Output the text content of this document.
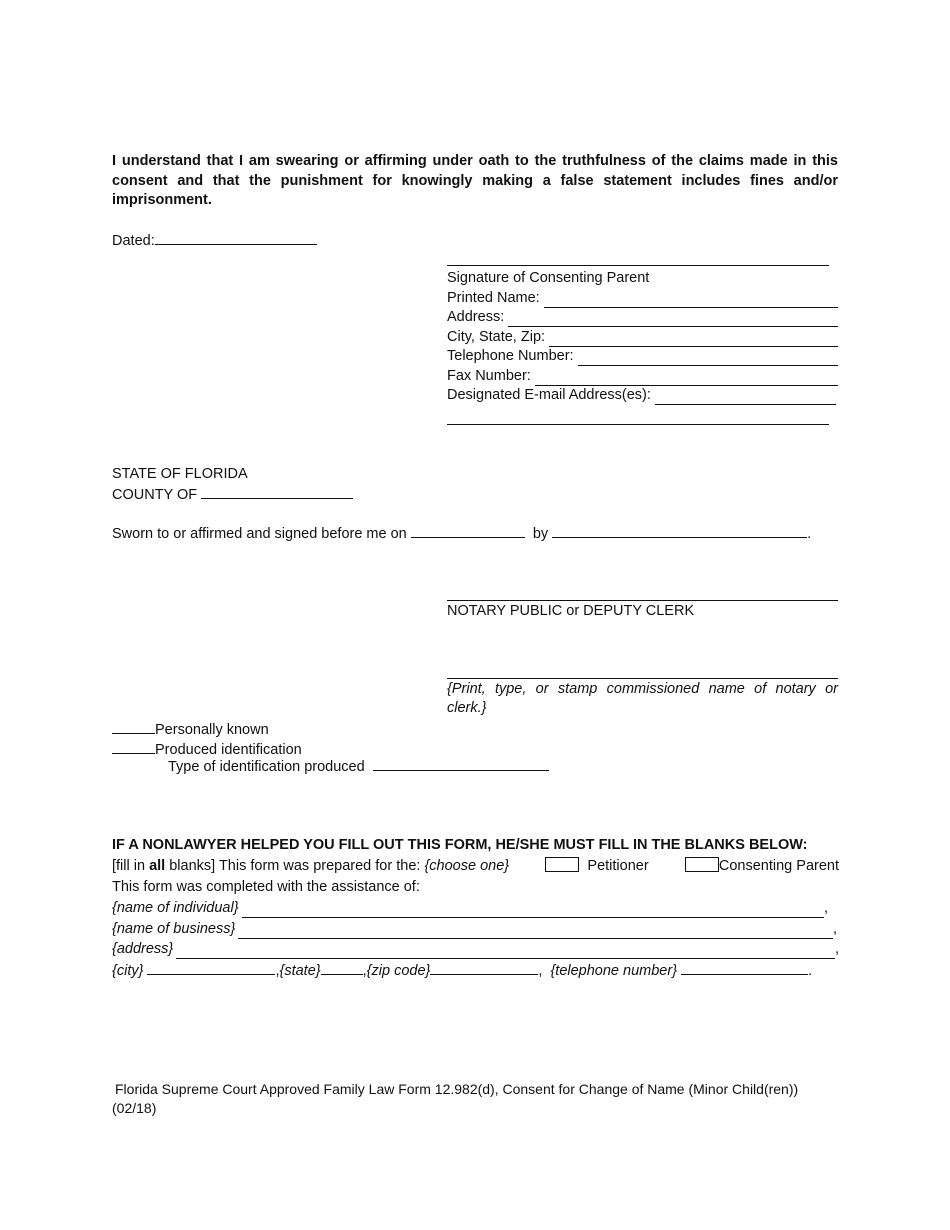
I understand that I am swearing or affirming under oath to the truthfulness of the claims made in this consent and that the punishment for knowingly making a false statement includes fines and/or imprisonment.
Dated:
Signature of Consenting Parent
Printed Name:
Address:
City, State, Zip:
Telephone Number:
Fax Number:
Designated E-mail Address(es):
STATE OF FLORIDA
COUNTY OF
Sworn to or affirmed and signed before me on	by	.
NOTARY PUBLIC or DEPUTY CLERK
{Print, type, or stamp commissioned name of notary or clerk.}
Personally known
Produced identification
Type of identification produced
IF A NONLAWYER HELPED YOU FILL OUT THIS FORM, HE/SHE MUST FILL IN THE BLANKS BELOW:
[fill in all blanks] This form was prepared for the: {choose one}	Petitioner	Consenting Parent
This form was completed with the assistance of:
{name of individual}	,
{name of business}	,
{address}	,
{city}	,{state}	,{zip code}	, {telephone number}	.
Florida Supreme Court Approved Family Law Form 12.982(d), Consent for Change of Name (Minor Child(ren))
(02/18)
